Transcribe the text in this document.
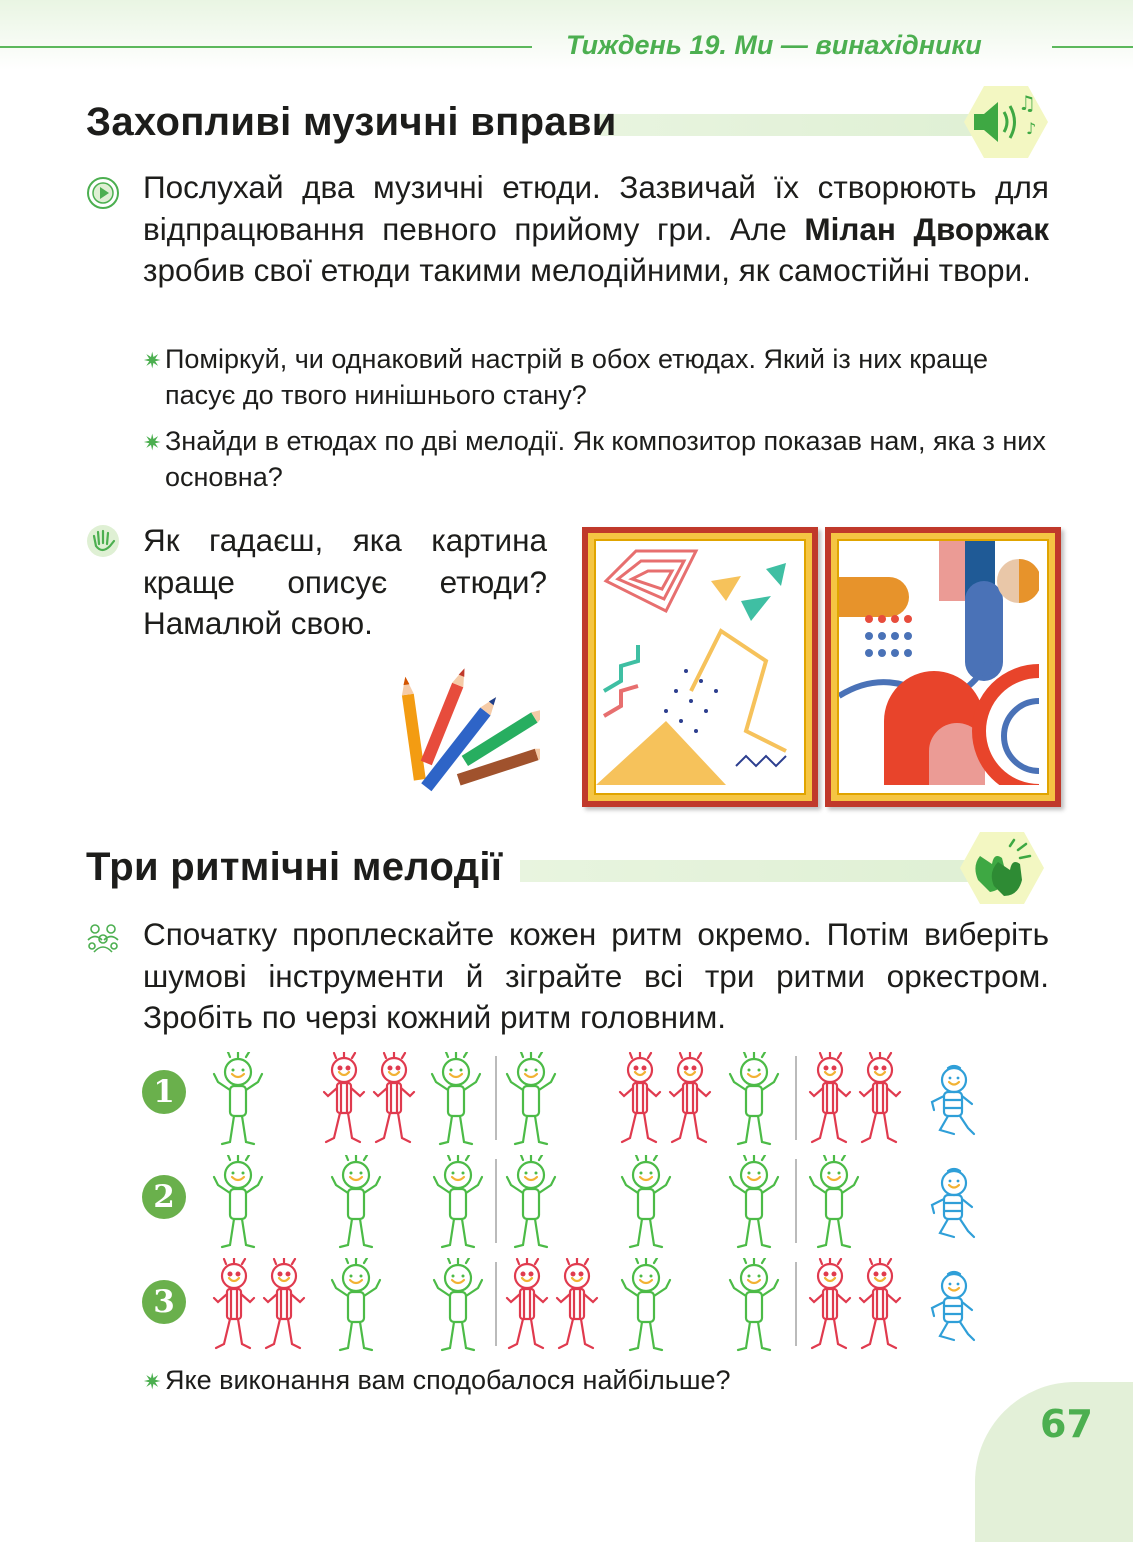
Тиждень 19. Ми — винахідники
Захопливі музичні вправи	♫
♪
Послухай два музичні етюди. Зазвичай їх створюють для відпрацювання певного прийому гри. Але Мілан Дворжак зробив свої етюди такими мелодійними, як самостійні твори.
✷ Поміркуй, чи однаковий настрій в обох етюдах. Який із них краще пасує до твого нинішнього стану?
✷ Знайди в етюдах по дві мелодії. Як композитор показав нам, яка з них основна?
Як гадаєш, яка картина краще описує етюди? Намалюй свою.
Три ритмічні мелодії
Спочатку проплескайте кожен ритм окремо. Потім виберіть шумові інструменти й зіграйте всі три ритми оркестром. Зробіть по черзі кожний ритм головним.
1
2
3
✷ Яке виконання вам сподобалося найбільше?
67
